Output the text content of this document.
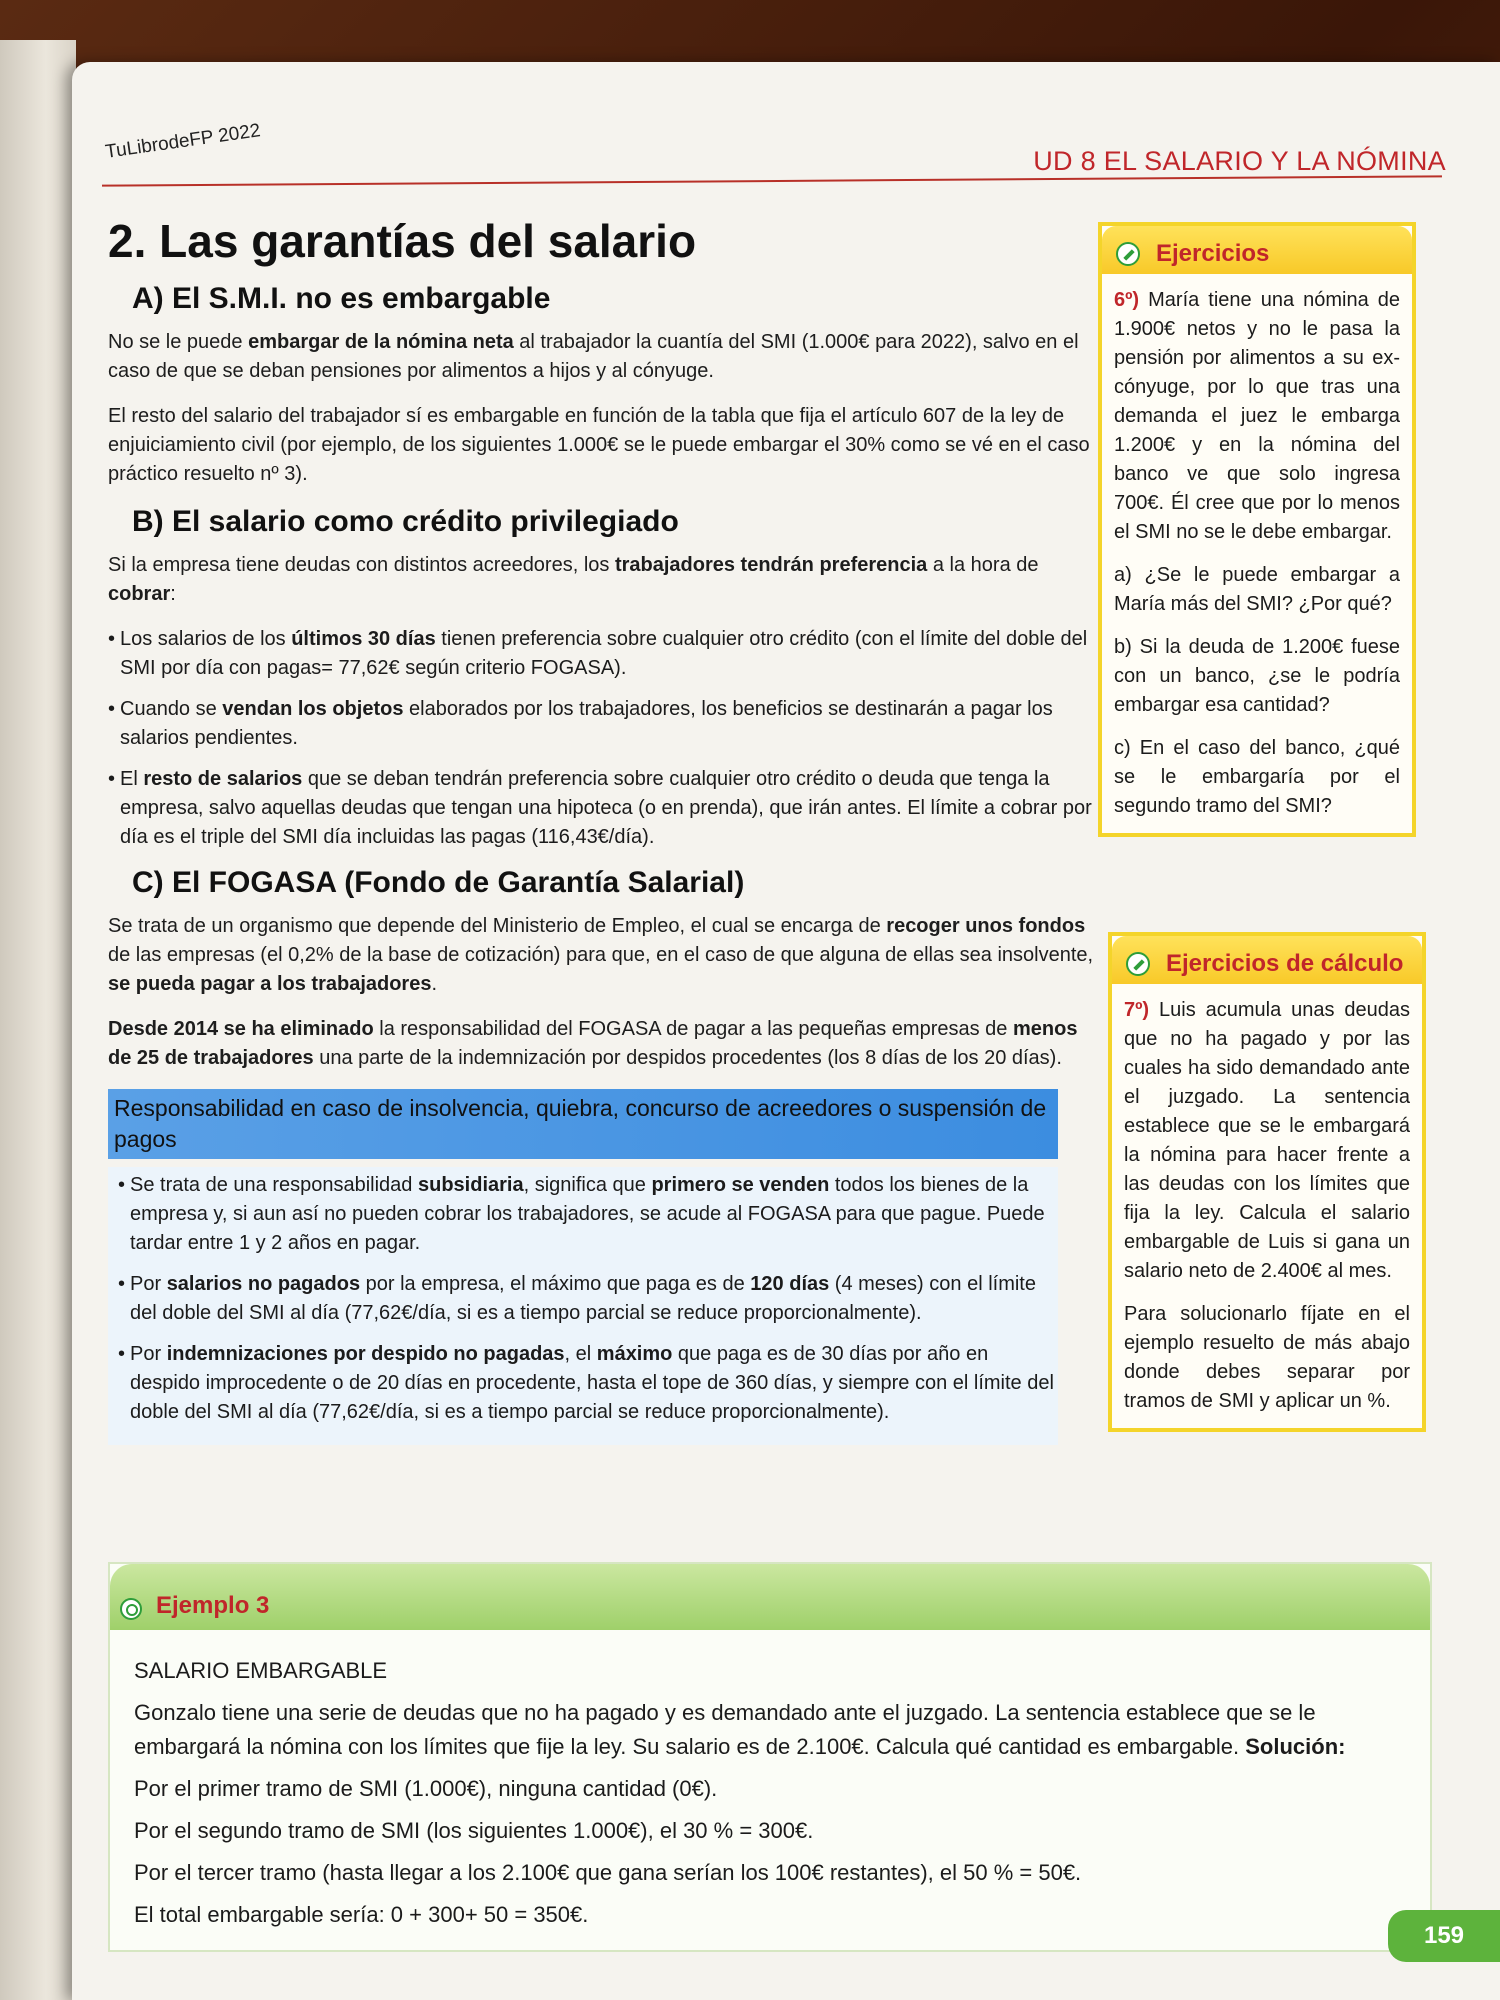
TuLibrodeFP 2022	UD 8 EL SALARIO Y LA NÓMINA
2. Las garantías del salario
A) El S.M.I. no es embargable

No se le puede embargar de la nómina neta al trabajador la cuantía del SMI (1.000€ para 2022), salvo en el caso de que se deban pensiones por alimentos a hijos y al cónyuge.

El resto del salario del trabajador sí es embargable en función de la tabla que fija el artículo 607 de la ley de enjuiciamiento civil (por ejemplo, de los siguientes 1.000€ se le puede embargar el 30% como se vé en el caso práctico resuelto nº 3).

B) El salario como crédito privilegiado

Si la empresa tiene deudas con distintos acreedores, los trabajadores tendrán preferencia a la hora de cobrar:

• Los salarios de los últimos 30 días tienen preferencia sobre cualquier otro crédito (con el límite del doble del SMI por día con pagas= 77,62€ según criterio FOGASA).
• Cuando se vendan los objetos elaborados por los trabajadores, los beneficios se destinarán a pagar los salarios pendientes.
• El resto de salarios que se deban tendrán preferencia sobre cualquier otro crédito o deuda que tenga la empresa, salvo aquellas deudas que tengan una hipoteca (o en prenda), que irán antes. El límite a cobrar por día es el triple del SMI día incluidas las pagas (116,43€/día).
C) El FOGASA (Fondo de Garantía Salarial)

Se trata de un organismo que depende del Ministerio de Empleo, el cual se encarga de recoger unos fondos de las empresas (el 0,2% de la base de cotización) para que, en el caso de que alguna de ellas sea insolvente, se pueda pagar a los trabajadores.

Desde 2014 se ha eliminado la responsabilidad del FOGASA de pagar a las pequeñas empresas de menos de 25 de trabajadores una parte de la indemnización por despidos procedentes (los 8 días de los 20 días).

Responsabilidad en caso de insolvencia, quiebra, concurso de acreedores o suspensión de pagos
• Se trata de una responsabilidad subsidiaria, significa que primero se venden todos los bienes de la empresa y, si aun así no pueden cobrar los trabajadores, se acude al FOGASA para que pague. Puede tardar entre 1 y 2 años en pagar.
• Por salarios no pagados por la empresa, el máximo que paga es de 120 días (4 meses) con el límite del doble del SMI al día (77,62€/día, si es a tiempo parcial se reduce proporcionalmente).
• Por indemnizaciones por despido no pagadas, el máximo que paga es de 30 días por año en despido improcedente o de 20 días en procedente, hasta el tope de 360 días, y siempre con el límite del doble del SMI al día (77,62€/día, si es a tiempo parcial se reduce proporcionalmente).
Ejercicios

6º) María tiene una nómina de 1.900€ netos y no le pasa la pensión por alimentos a su ex-cónyuge, por lo que tras una demanda el juez le embarga 1.200€ y en la nómina del banco ve que solo ingresa 700€. Él cree que por lo menos el SMI no se le debe embargar.

a) ¿Se le puede embargar a María más del SMI? ¿Por qué?

b) Si la deuda de 1.200€ fuese con un banco, ¿se le podría embargar esa cantidad?

c) En el caso del banco, ¿qué se le embargaría por el segundo tramo del SMI?

Ejercicios de cálculo

7º) Luis acumula unas deudas que no ha pagado y por las cuales ha sido demandado ante el juzgado. La sentencia establece que se le embargará la nómina para hacer frente a las deudas con los límites que fija la ley. Calcula el salario embargable de Luis si gana un salario neto de 2.400€ al mes.

Para solucionarlo fíjate en el ejemplo resuelto de más abajo donde debes separar por tramos de SMI y aplicar un %.

Ejemplo 3

SALARIO EMBARGABLE

Gonzalo tiene una serie de deudas que no ha pagado y es demandado ante el juzgado. La sentencia establece que se le embargará la nómina con los límites que fije la ley. Su salario es de 2.100€. Calcula qué cantidad es embargable. Solución:

Por el primer tramo de SMI (1.000€), ninguna cantidad (0€).

Por el segundo tramo de SMI (los siguientes 1.000€), el 30 % = 300€.

Por el tercer tramo (hasta llegar a los 2.100€ que gana serían los 100€ restantes), el 50 % = 50€.

El total embargable sería: 0 + 300+ 50 = 350€.

159
